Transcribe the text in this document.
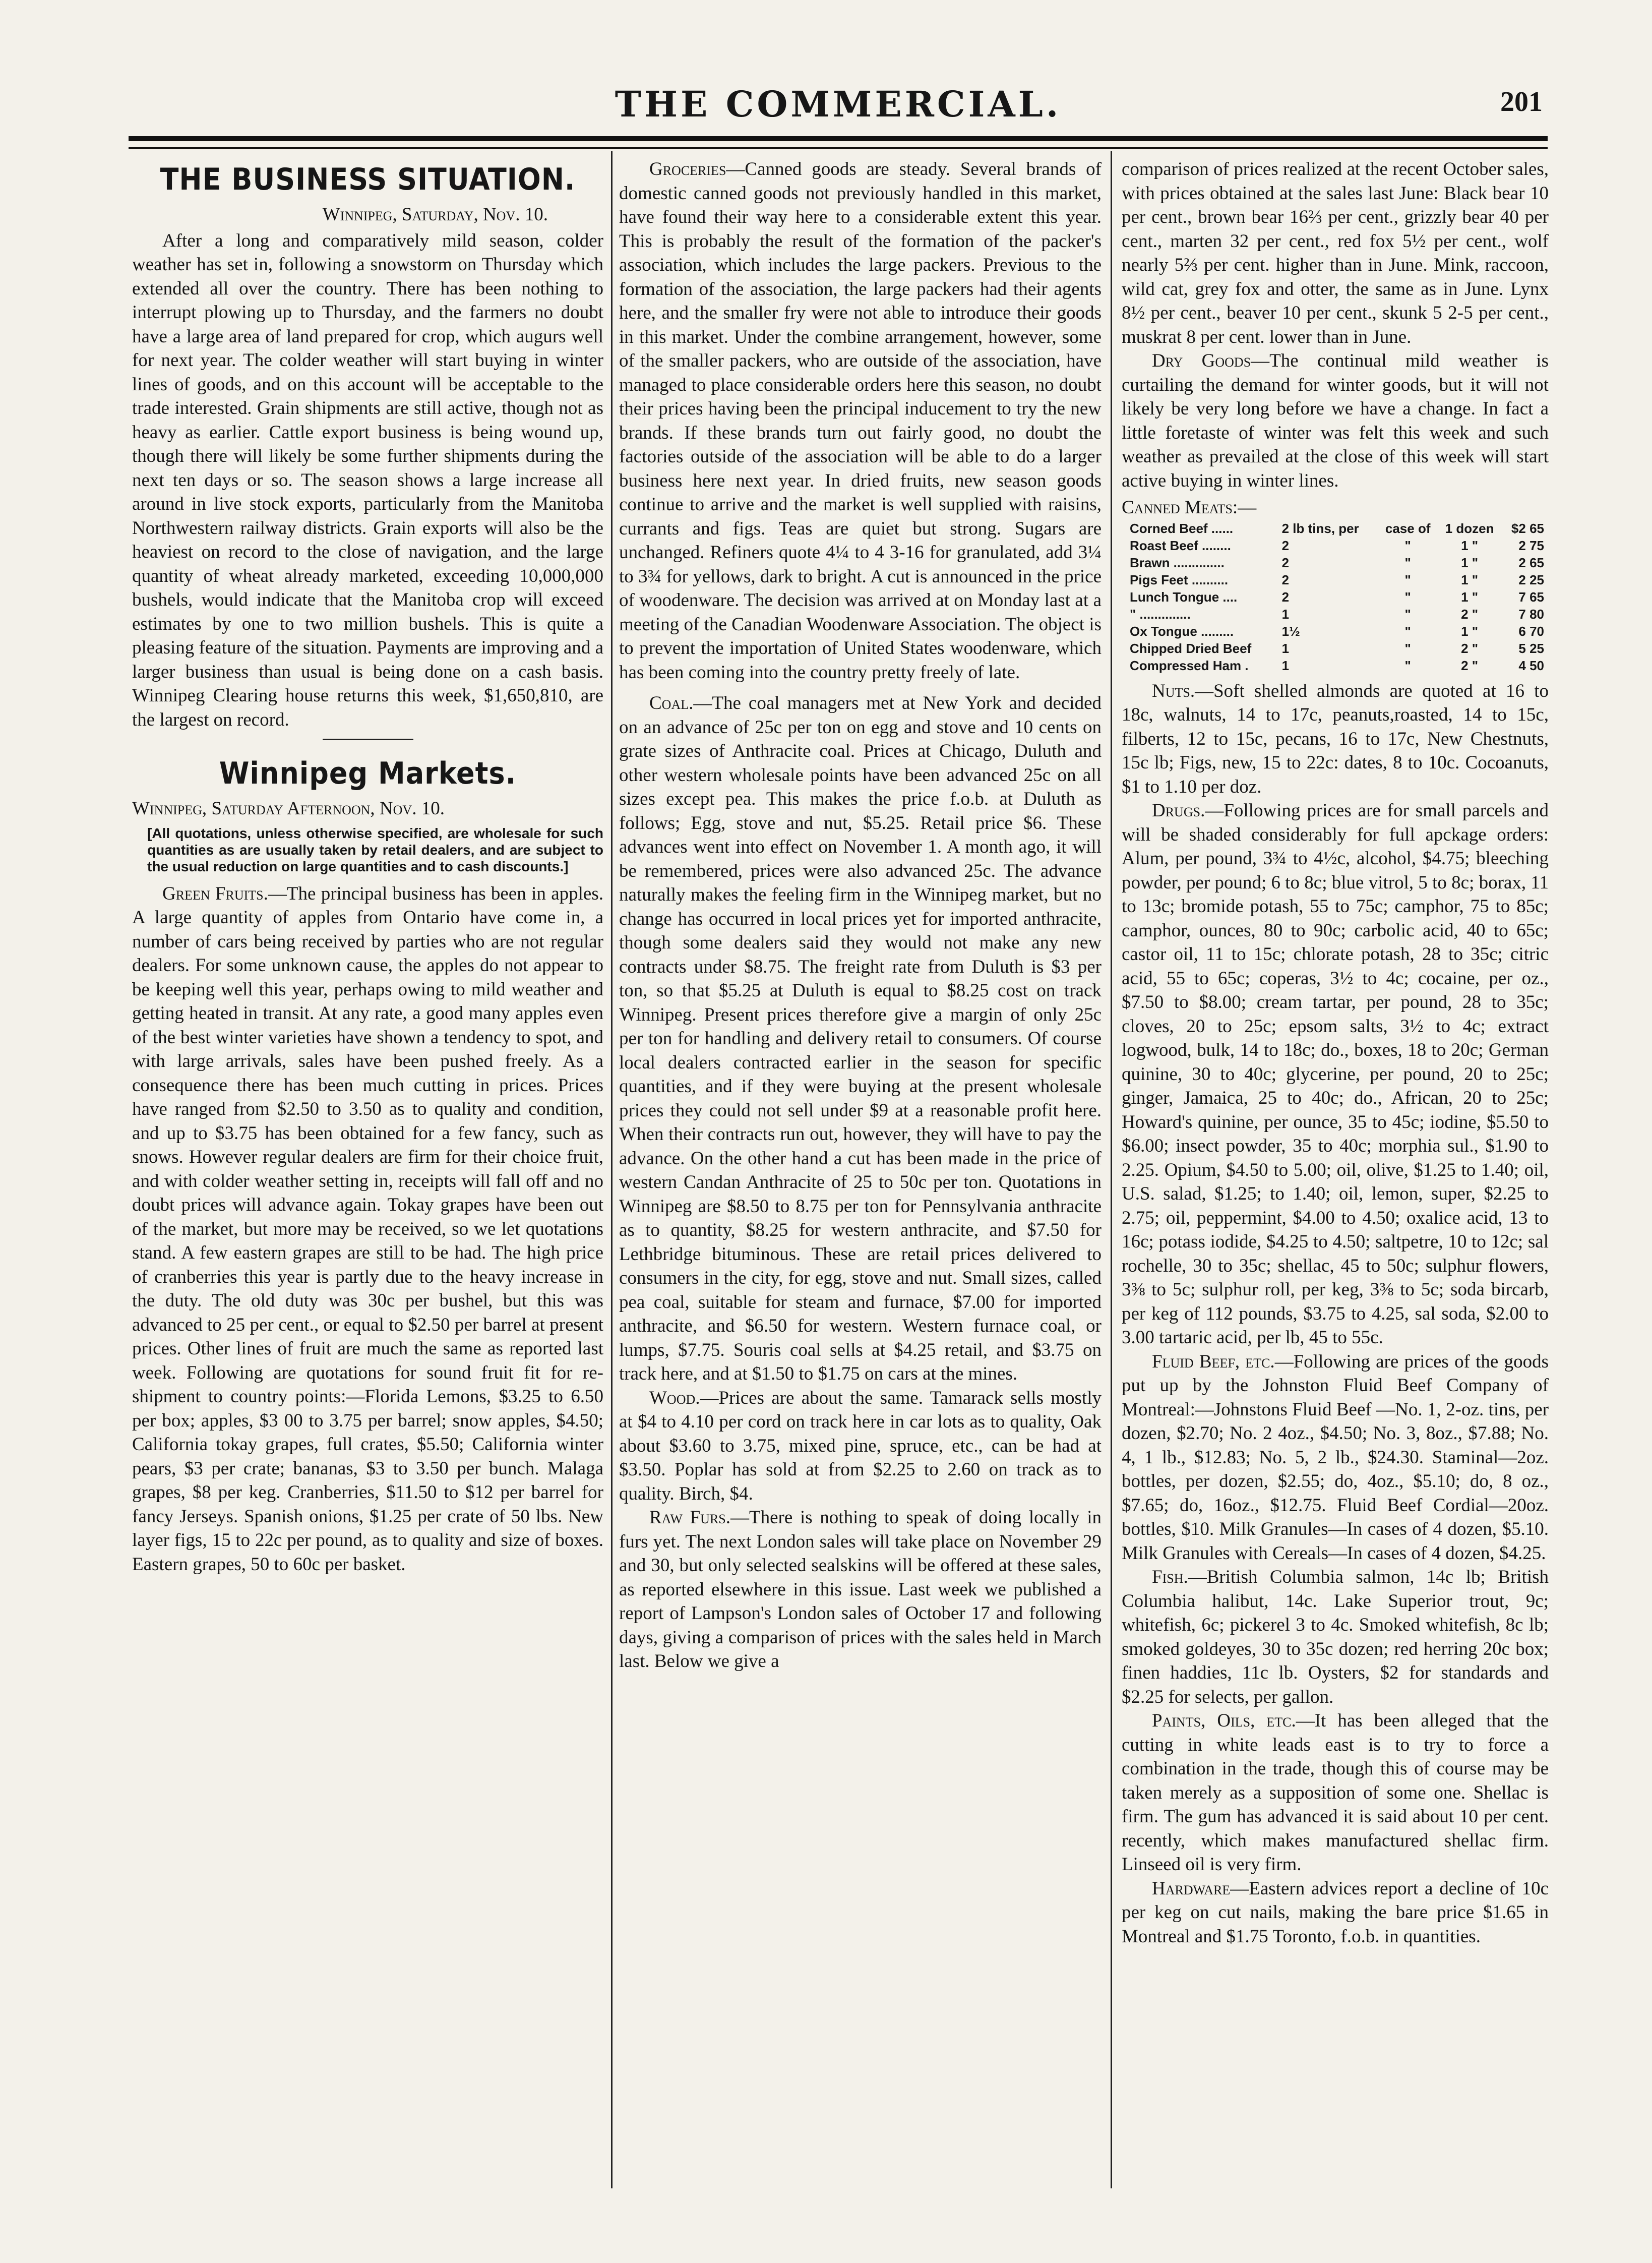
THE COMMERCIAL.	201
THE BUSINESS SITUATION.
Winnipeg, Saturday, Nov. 10.

After a long and comparatively mild season, colder weather has set in, following a snowstorm on Thursday which extended all over the country. There has been nothing to interrupt plowing up to Thursday, and the farmers no doubt have a large area of land prepared for crop, which augurs well for next year. The colder weather will start buying in winter lines of goods, and on this account will be acceptable to the trade interested. Grain shipments are still active, though not as heavy as earlier. Cattle export business is being wound up, though there will likely be some further shipments during the next ten days or so. The season shows a large increase all around in live stock exports, particularly from the Manitoba Northwestern railway districts. Grain exports will also be the heaviest on record to the close of navigation, and the large quantity of wheat already marketed, exceeding 10,000,000 bushels, would indicate that the Manitoba crop will exceed estimates by one to two million bushels. This is quite a pleasing feature of the situation. Payments are improving and a larger business than usual is being done on a cash basis. Winnipeg Clearing house returns this week, $1,650,810, are the largest on record.

Winnipeg Markets.

Winnipeg, Saturday Afternoon, Nov. 10.

[All quotations, unless otherwise specified, are wholesale for such quantities as are usually taken by retail dealers, and are subject to the usual reduction on large quantities and to cash discounts.]

Green Fruits.—The principal business has been in apples. A large quantity of apples from Ontario have come in, a number of cars being received by parties who are not regular dealers. For some unknown cause, the apples do not appear to be keeping well this year, perhaps owing to mild weather and getting heated in transit. At any rate, a good many apples even of the best winter varieties have shown a tendency to spot, and with large arrivals, sales have been pushed freely. As a consequence there has been much cutting in prices. Prices have ranged from $2.50 to 3.50 as to quality and condition, and up to $3.75 has been obtained for a few fancy, such as snows. However regular dealers are firm for their choice fruit, and with colder weather setting in, receipts will fall off and no doubt prices will advance again. Tokay grapes have been out of the market, but more may be received, so we let quotations stand. A few eastern grapes are still to be had. The high price of cranberries this year is partly due to the heavy increase in the duty. The old duty was 30c per bushel, but this was advanced to 25 per cent., or equal to $2.50 per barrel at present prices. Other lines of fruit are much the same as reported last week. Following are quotations for sound fruit fit for re-shipment to country points:—Florida Lemons, $3.25 to 6.50 per box; apples, $3 00 to 3.75 per barrel; snow apples, $4.50; California tokay grapes, full crates, $5.50; California winter pears, $3 per crate; bananas, $3 to 3.50 per bunch. Malaga grapes, $8 per keg. Cranberries, $11.50 to $12 per barrel for fancy Jerseys. Spanish onions, $1.25 per crate of 50 lbs. New layer figs, 15 to 22c per pound, as to quality and size of boxes. Eastern grapes, 50 to 60c per basket.

Groceries—Canned goods are steady. Several brands of domestic canned goods not previously handled in this market, have found their way here to a considerable extent this year. This is probably the result of the formation of the packer's association, which includes the large packers. Previous to the formation of the association, the large packers had their agents here, and the smaller fry were not able to introduce their goods in this market. Under the combine arrangement, however, some of the smaller packers, who are outside of the association, have managed to place considerable orders here this season, no doubt their prices having been the principal inducement to try the new brands. If these brands turn out fairly good, no doubt the factories outside of the association will be able to do a larger business here next year. In dried fruits, new season goods continue to arrive and the market is well supplied with raisins, currants and figs. Teas are quiet but strong. Sugars are unchanged. Refiners quote 4¼ to 4 3-16 for granulated, add 3¼ to 3¾ for yellows, dark to bright. A cut is announced in the price of woodenware. The decision was arrived at on Monday last at a meeting of the Canadian Woodenware Association. The object is to prevent the importation of United States woodenware, which has been coming into the country pretty freely of late.

Coal.—The coal managers met at New York and decided on an advance of 25c per ton on egg and stove and 10 cents on grate sizes of Anthracite coal. Prices at Chicago, Duluth and other western wholesale points have been advanced 25c on all sizes except pea. This makes the price f.o.b. at Duluth as follows; Egg, stove and nut, $5.25. Retail price $6. These advances went into effect on November 1. A month ago, it will be remembered, prices were also advanced 25c. The advance naturally makes the feeling firm in the Winnipeg market, but no change has occurred in local prices yet for imported anthracite, though some dealers said they would not make any new contracts under $8.75. The freight rate from Duluth is $3 per ton, so that $5.25 at Duluth is equal to $8.25 cost on track Winnipeg. Present prices therefore give a margin of only 25c per ton for handling and delivery retail to consumers. Of course local dealers contracted earlier in the season for specific quantities, and if they were buying at the present wholesale prices they could not sell under $9 at a reasonable profit here. When their contracts run out, however, they will have to pay the advance. On the other hand a cut has been made in the price of western Candan Anthracite of 25 to 50c per ton. Quotations in Winnipeg are $8.50 to 8.75 per ton for Pennsylvania anthracite as to quantity, $8.25 for western anthracite, and $7.50 for Lethbridge bituminous. These are retail prices delivered to consumers in the city, for egg, stove and nut. Small sizes, called pea coal, suitable for steam and furnace, $7.00 for imported anthracite, and $6.50 for western. Western furnace coal, or lumps, $7.75. Souris coal sells at $4.25 retail, and $3.75 on track here, and at $1.50 to $1.75 on cars at the mines.

Wood.—Prices are about the same. Tamarack sells mostly at $4 to 4.10 per cord on track here in car lots as to quality, Oak about $3.60 to 3.75, mixed pine, spruce, etc., can be had at $3.50. Poplar has sold at from $2.25 to 2.60 on track as to quality. Birch, $4.

Raw Furs.—There is nothing to speak of doing locally in furs yet. The next London sales will take place on November 29 and 30, but only selected sealskins will be offered at these sales, as reported elsewhere in this issue. Last week we published a report of Lampson's London sales of October 17 and following days, giving a comparison of prices with the sales held in March last. Below we give a

comparison of prices realized at the recent October sales, with prices obtained at the sales last June: Black bear 10 per cent., brown bear 16⅔ per cent., grizzly bear 40 per cent., marten 32 per cent., red fox 5½ per cent., wolf nearly 5⅔ per cent. higher than in June. Mink, raccoon, wild cat, grey fox and otter, the same as in June. Lynx 8½ per cent., beaver 10 per cent., skunk 5 2-5 per cent., muskrat 8 per cent. lower than in June.

Dry Goods—The continual mild weather is curtailing the demand for winter goods, but it will not likely be very long before we have a change. In fact a little foretaste of winter was felt this week and such weather as prevailed at the close of this week will start active buying in winter lines.

Canned Meats:—

Corned Beef ......	2 lb tins, per	case of	1 dozen	$2 65
Roast Beef ........	2	"	1 "	2 75
Brawn ..............	2	"	1 "	2 65
Pigs Feet ..........	2	"	1 "	2 25
Lunch Tongue ....	2	"	1 "	7 65
" ..............	1	"	2 "	7 80
Ox Tongue .........	1½	"	1 "	6 70
Chipped Dried Beef	1	"	2 "	5 25
Compressed Ham .	1	"	2 "	4 50

Nuts.—Soft shelled almonds are quoted at 16 to 18c, walnuts, 14 to 17c, peanuts,roasted, 14 to 15c, filberts, 12 to 15c, pecans, 16 to 17c, New Chestnuts, 15c lb; Figs, new, 15 to 22c: dates, 8 to 10c. Cocoanuts, $1 to 1.10 per doz.

Drugs.—Following prices are for small parcels and will be shaded considerably for full apckage orders: Alum, per pound, 3¾ to 4½c, alcohol, $4.75; bleeching powder, per pound; 6 to 8c; blue vitrol, 5 to 8c; borax, 11 to 13c; bromide potash, 55 to 75c; camphor, 75 to 85c; camphor, ounces, 80 to 90c; carbolic acid, 40 to 65c; castor oil, 11 to 15c; chlorate potash, 28 to 35c; citric acid, 55 to 65c; coperas, 3½ to 4c; cocaine, per oz., $7.50 to $8.00; cream tartar, per pound, 28 to 35c; cloves, 20 to 25c; epsom salts, 3½ to 4c; extract logwood, bulk, 14 to 18c; do., boxes, 18 to 20c; German quinine, 30 to 40c; glycerine, per pound, 20 to 25c; ginger, Jamaica, 25 to 40c; do., African, 20 to 25c; Howard's quinine, per ounce, 35 to 45c; iodine, $5.50 to $6.00; insect powder, 35 to 40c; morphia sul., $1.90 to 2.25. Opium, $4.50 to 5.00; oil, olive, $1.25 to 1.40; oil, U.S. salad, $1.25; to 1.40; oil, lemon, super, $2.25 to 2.75; oil, peppermint, $4.00 to 4.50; oxalice acid, 13 to 16c; potass iodide, $4.25 to 4.50; saltpetre, 10 to 12c; sal rochelle, 30 to 35c; shellac, 45 to 50c; sulphur flowers, 3⅜ to 5c; sulphur roll, per keg, 3⅜ to 5c; soda bircarb, per keg of 112 pounds, $3.75 to 4.25, sal soda, $2.00 to 3.00 tartaric acid, per lb, 45 to 55c.

Fluid Beef, etc.—Following are prices of the goods put up by the Johnston Fluid Beef Company of Montreal:—Johnstons Fluid Beef —No. 1, 2-oz. tins, per dozen, $2.70; No. 2 4oz., $4.50; No. 3, 8oz., $7.88; No. 4, 1 lb., $12.83; No. 5, 2 lb., $24.30. Staminal—2oz. bottles, per dozen, $2.55; do, 4oz., $5.10; do, 8 oz., $7.65; do, 16oz., $12.75. Fluid Beef Cordial—20oz. bottles, $10. Milk Granules—In cases of 4 dozen, $5.10. Milk Granules with Cereals—In cases of 4 dozen, $4.25.

Fish.—British Columbia salmon, 14c lb; British Columbia halibut, 14c. Lake Superior trout, 9c; whitefish, 6c; pickerel 3 to 4c. Smoked whitefish, 8c lb; smoked goldeyes, 30 to 35c dozen; red herring 20c box; finen haddies, 11c lb. Oysters, $2 for standards and $2.25 for selects, per gallon.

Paints, Oils, etc.—It has been alleged that the cutting in white leads east is to try to force a combination in the trade, though this of course may be taken merely as a supposition of some one. Shellac is firm. The gum has advanced it is said about 10 per cent. recently, which makes manufactured shellac firm. Linseed oil is very firm.

Hardware—Eastern advices report a decline of 10c per keg on cut nails, making the bare price $1.65 in Montreal and $1.75 Toronto, f.o.b. in quantities.
